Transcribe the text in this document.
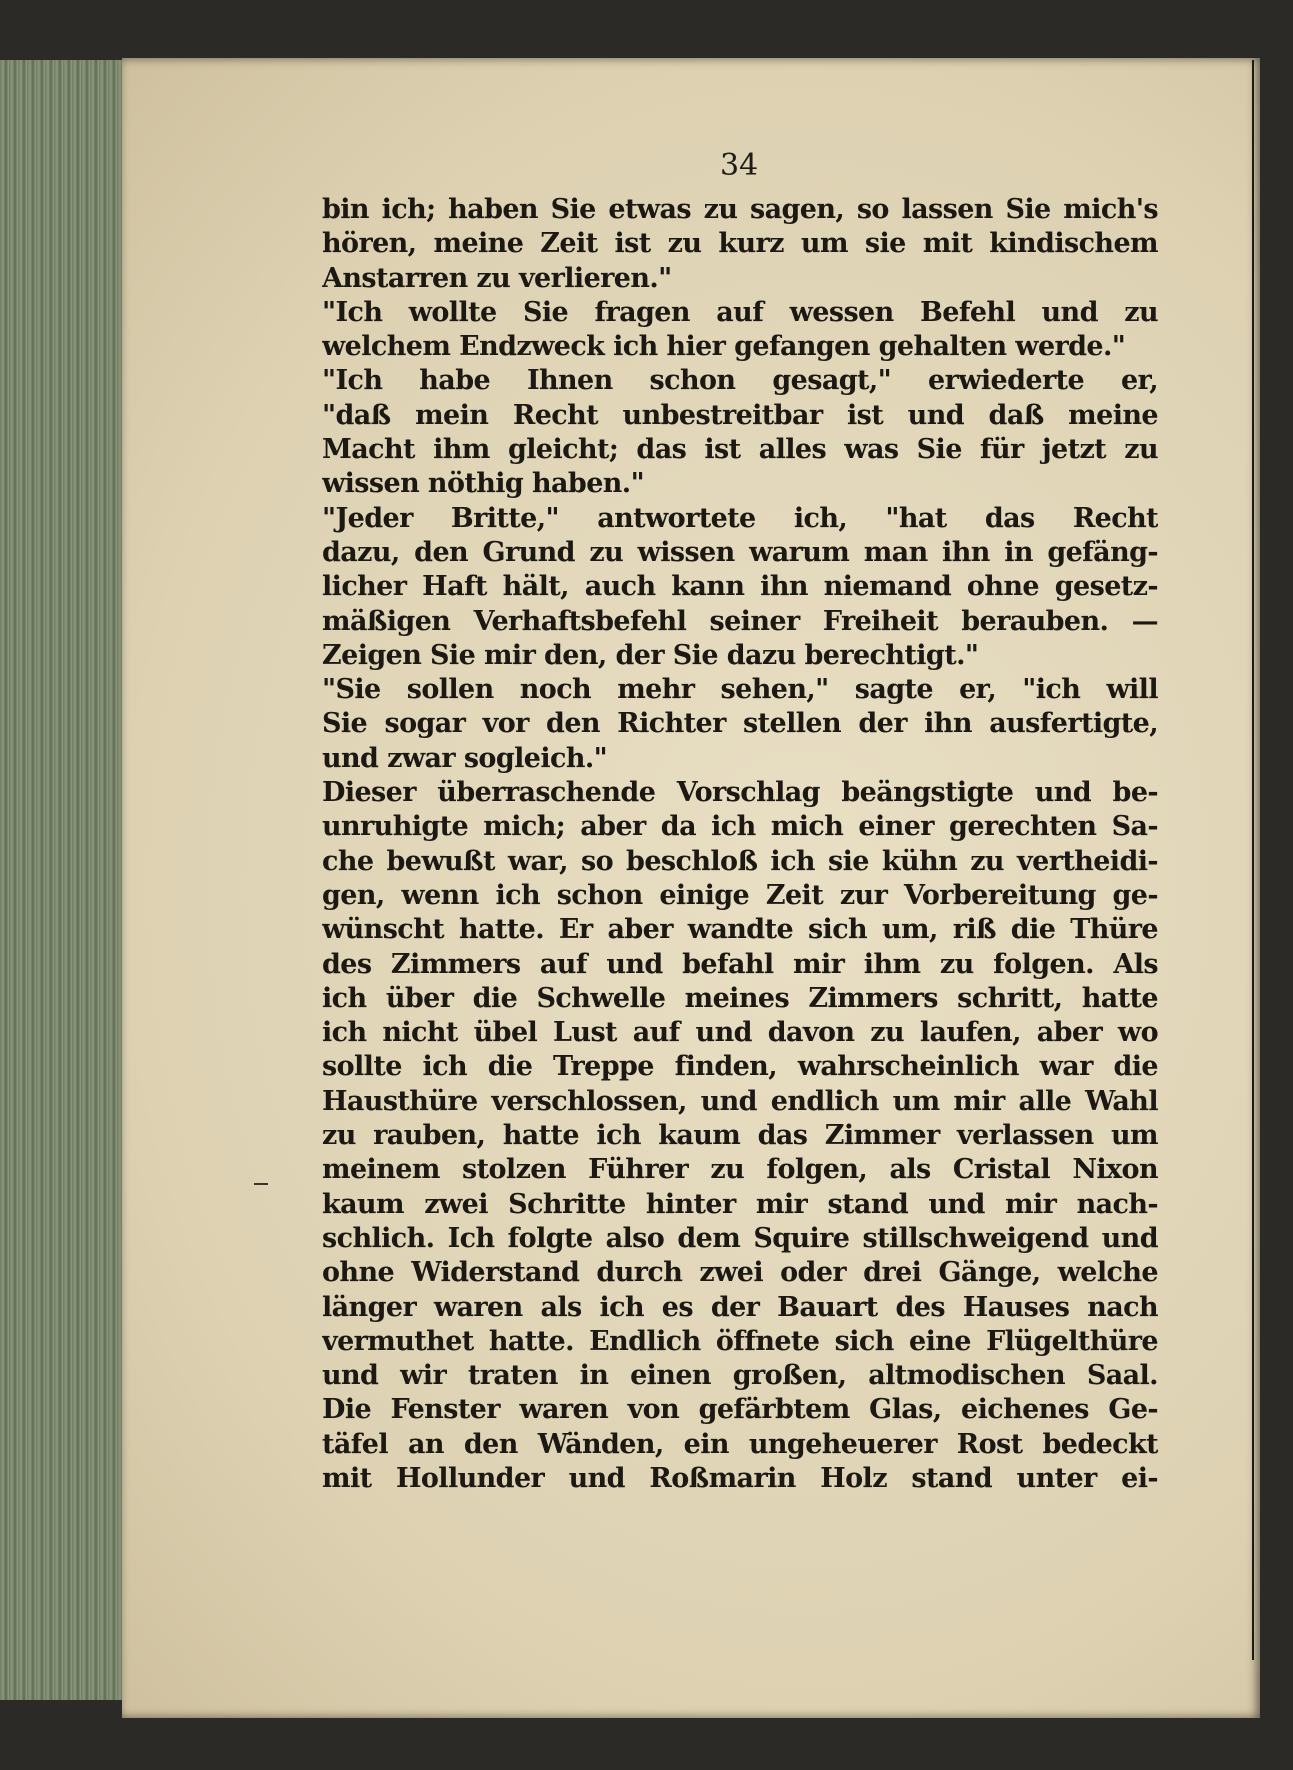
34
bin ich; haben Sie etwas zu sagen, so lassen Sie mich's
hören, meine Zeit ist zu kurz um sie mit kindischem
Anstarren zu verlieren."
"Ich wollte Sie fragen auf wessen Befehl und zu
welchem Endzweck ich hier gefangen gehalten werde."
"Ich habe Ihnen schon gesagt," erwiederte er,
"daß mein Recht unbestreitbar ist und daß meine
Macht ihm gleicht; das ist alles was Sie für jetzt zu
wissen nöthig haben."
"Jeder Britte," antwortete ich, "hat das Recht
dazu, den Grund zu wissen warum man ihn in gefäng-
licher Haft hält, auch kann ihn niemand ohne gesetz-
mäßigen Verhaftsbefehl seiner Freiheit berauben. —
Zeigen Sie mir den, der Sie dazu berechtigt."
"Sie sollen noch mehr sehen," sagte er, "ich will
Sie sogar vor den Richter stellen der ihn ausfertigte,
und zwar sogleich."
Dieser überraschende Vorschlag beängstigte und be-
unruhigte mich; aber da ich mich einer gerechten Sa-
che bewußt war, so beschloß ich sie kühn zu vertheidi-
gen, wenn ich schon einige Zeit zur Vorbereitung ge-
wünscht hatte. Er aber wandte sich um, riß die Thüre
des Zimmers auf und befahl mir ihm zu folgen. Als
ich über die Schwelle meines Zimmers schritt, hatte
ich nicht übel Lust auf und davon zu laufen, aber wo
sollte ich die Treppe finden, wahrscheinlich war die
Hausthüre verschlossen, und endlich um mir alle Wahl
zu rauben, hatte ich kaum das Zimmer verlassen um
meinem stolzen Führer zu folgen, als Cristal Nixon
kaum zwei Schritte hinter mir stand und mir nach-
schlich. Ich folgte also dem Squire stillschweigend und
ohne Widerstand durch zwei oder drei Gänge, welche
länger waren als ich es der Bauart des Hauses nach
vermuthet hatte. Endlich öffnete sich eine Flügelthüre
und wir traten in einen großen, altmodischen Saal.
Die Fenster waren von gefärbtem Glas, eichenes Ge-
täfel an den Wänden, ein ungeheuerer Rost bedeckt
mit Hollunder und Roßmarin Holz stand unter ei-
